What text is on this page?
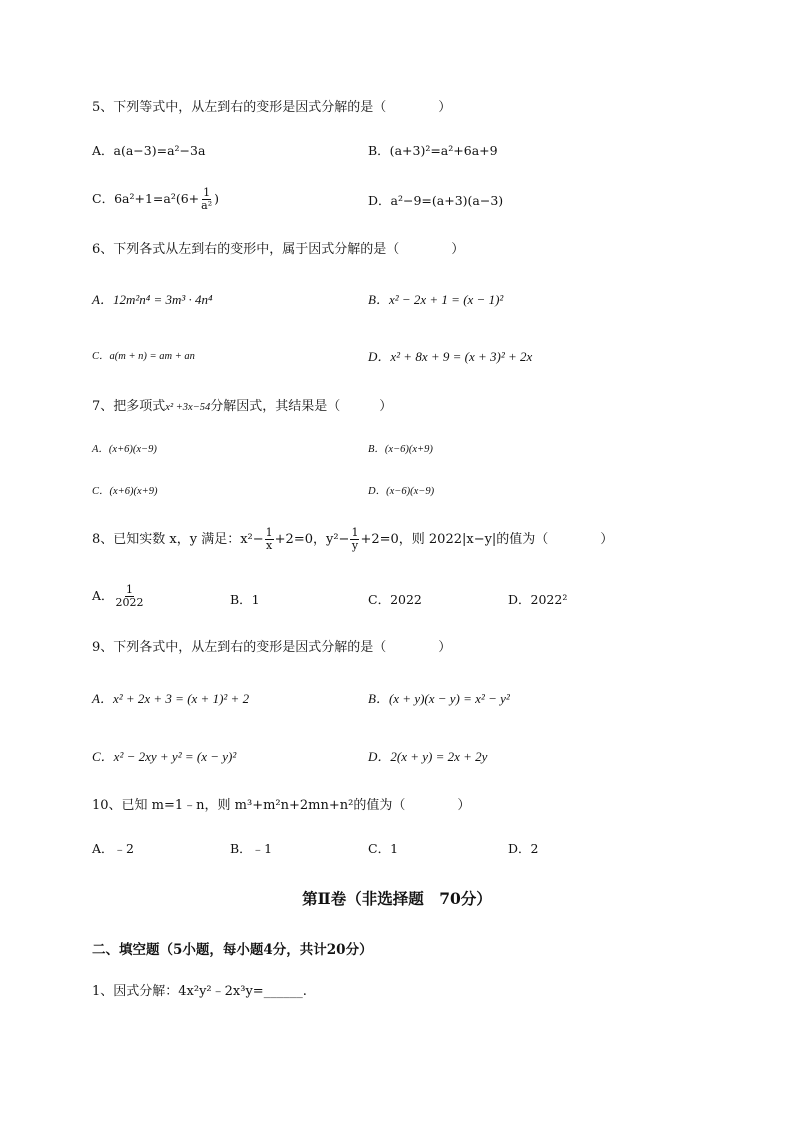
5、下列等式中，从左到右的变形是因式分解的是（　　　　）
A．a(a−3)=a²−3a	B．(a+3)²=a²+6a+9
C．$6a^2+1=a^2(6+ \frac{1}{\text{a²}}$ )	D．a²−9=(a+3)(a−3)
6、下列各式从左到右的变形中，属于因式分解的是（　　　　）
A．12m²n⁴ = 3m³ · 4n⁴	B．x² − 2x + 1 = (x − 1)²
C．a(m + n) = am + an	D．x² + 8x + 9 = (x + 3)² + 2x
7、把多项式x² +3x−54分解因式，其结果是（　　　）
A．(x+6)(x−9)	B．(x−6)(x+9)
C．(x+6)(x+9)	D．(x−6)(x−9)
8、已知实数 x，y 满足：$x^2- \frac{1}{x} +2=0$，$y^2- \frac{1}{y} +2=0$，则 2022|x−y|的值为（　　　　）
A． $\frac{1}{2022}$	B．1	C．2022	D．2022²
9、下列各式中，从左到右的变形是因式分解的是（　　　　）
A．x² + 2x + 3 = (x + 1)² + 2	B．(x + y)(x − y) = x² − y²
C．x² − 2xy + y² = (x − y)²	D．2(x + y) = 2x + 2y
10、已知 m=1﹣n，则 m³+m²n+2mn+n²的值为（　　　　）
A．﹣2	B．﹣1	C．1	D．2
第Ⅱ卷（非选择题　70分）
二、填空题（5小题，每小题4分，共计20分）
1、因式分解：4x²y²﹣2x³y=______.
